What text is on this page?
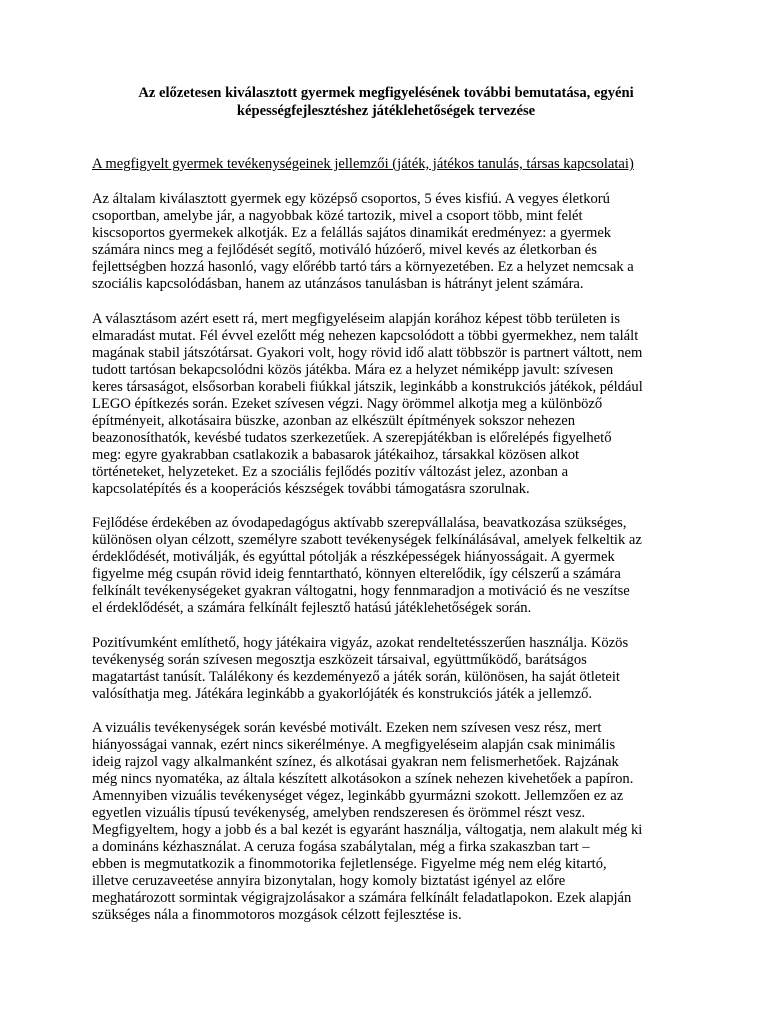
Az előzetesen kiválasztott gyermek megfigyelésének további bemutatása, egyéni
képességfejlesztéshez játéklehetőségek tervezése
A megfigyelt gyermek tevékenységeinek jellemzői (játék, játékos tanulás, társas kapcsolatai)
Az általam kiválasztott gyermek egy középső csoportos, 5 éves kisfiú. A vegyes életkorú
csoportban, amelybe jár, a nagyobbak közé tartozik, mivel a csoport több, mint felét
kiscsoportos gyermekek alkotják. Ez a felállás sajátos dinamikát eredményez: a gyermek
számára nincs meg a fejlődését segítő, motiváló húzóerő, mivel kevés az életkorban és
fejlettségben hozzá hasonló, vagy előrébb tartó társ a környezetében. Ez a helyzet nemcsak a
szociális kapcsolódásban, hanem az utánzásos tanulásban is hátrányt jelent számára.
A választásom azért esett rá, mert megfigyeléseim alapján korához képest több területen is
elmaradást mutat. Fél évvel ezelőtt még nehezen kapcsolódott a többi gyermekhez, nem talált
magának stabil játszótársat. Gyakori volt, hogy rövid idő alatt többször is partnert váltott, nem
tudott tartósan bekapcsolódni közös játékba. Mára ez a helyzet némiképp javult: szívesen
keres társaságot, elsősorban korabeli fiúkkal játszik, leginkább a konstrukciós játékok, például
LEGO építkezés során. Ezeket szívesen végzi. Nagy örömmel alkotja meg a különböző
építményeit, alkotásaira büszke, azonban az elkészült építmények sokszor nehezen
beazonosíthatók, kevésbé tudatos szerkezetűek. A szerepjátékban is előrelépés figyelhető
meg: egyre gyakrabban csatlakozik a babasarok játékaihoz, társakkal közösen alkot
történeteket, helyzeteket. Ez a szociális fejlődés pozitív változást jelez, azonban a
kapcsolatépítés és a kooperációs készségek további támogatásra szorulnak.
Fejlődése érdekében az óvodapedagógus aktívabb szerepvállalása, beavatkozása szükséges,
különösen olyan célzott, személyre szabott tevékenységek felkínálásával, amelyek felkeltik az
érdeklődését, motiválják, és egyúttal pótolják a részképességek hiányosságait. A gyermek
figyelme még csupán rövid ideig fenntartható, könnyen elterelődik, így célszerű a számára
felkínált tevékenységeket gyakran váltogatni, hogy fennmaradjon a motiváció és ne veszítse
el érdeklődését, a számára felkínált fejlesztő hatású játéklehetőségek során.
Pozitívumként említhető, hogy játékaira vigyáz, azokat rendeltetésszerűen használja. Közös
tevékenység során szívesen megosztja eszközeit társaival, együttműködő, barátságos
magatartást tanúsít. Találékony és kezdeményező a játék során, különösen, ha saját ötleteit
valósíthatja meg. Játékára leginkább a gyakorlójáték és konstrukciós játék a jellemző.
A vizuális tevékenységek során kevésbé motivált. Ezeken nem szívesen vesz rész, mert
hiányosságai vannak, ezért nincs sikerélménye. A megfigyeléseim alapján csak minimális
ideig rajzol vagy alkalmanként színez, és alkotásai gyakran nem felismerhetőek. Rajzának
még nincs nyomatéka, az általa készített alkotásokon a színek nehezen kivehetőek a papíron.
Amennyiben vizuális tevékenységet végez, leginkább gyurmázni szokott. Jellemzően ez az
egyetlen vizuális típusú tevékenység, amelyben rendszeresen és örömmel részt vesz.
Megfigyeltem, hogy a jobb és a bal kezét is egyaránt használja, váltogatja, nem alakult még ki
a domináns kézhasználat. A ceruza fogása szabálytalan, még a firka szakaszban tart –
ebben is megmutatkozik a finommotorika fejletlensége. Figyelme még nem elég kitartó,
illetve ceruzaveetése annyira bizonytalan, hogy komoly biztatást igényel az előre
meghatározott sormintak végigrajzolásakor a számára felkínált feladatlapokon. Ezek alapján
szükséges nála a finommotoros mozgások célzott fejlesztése is.
